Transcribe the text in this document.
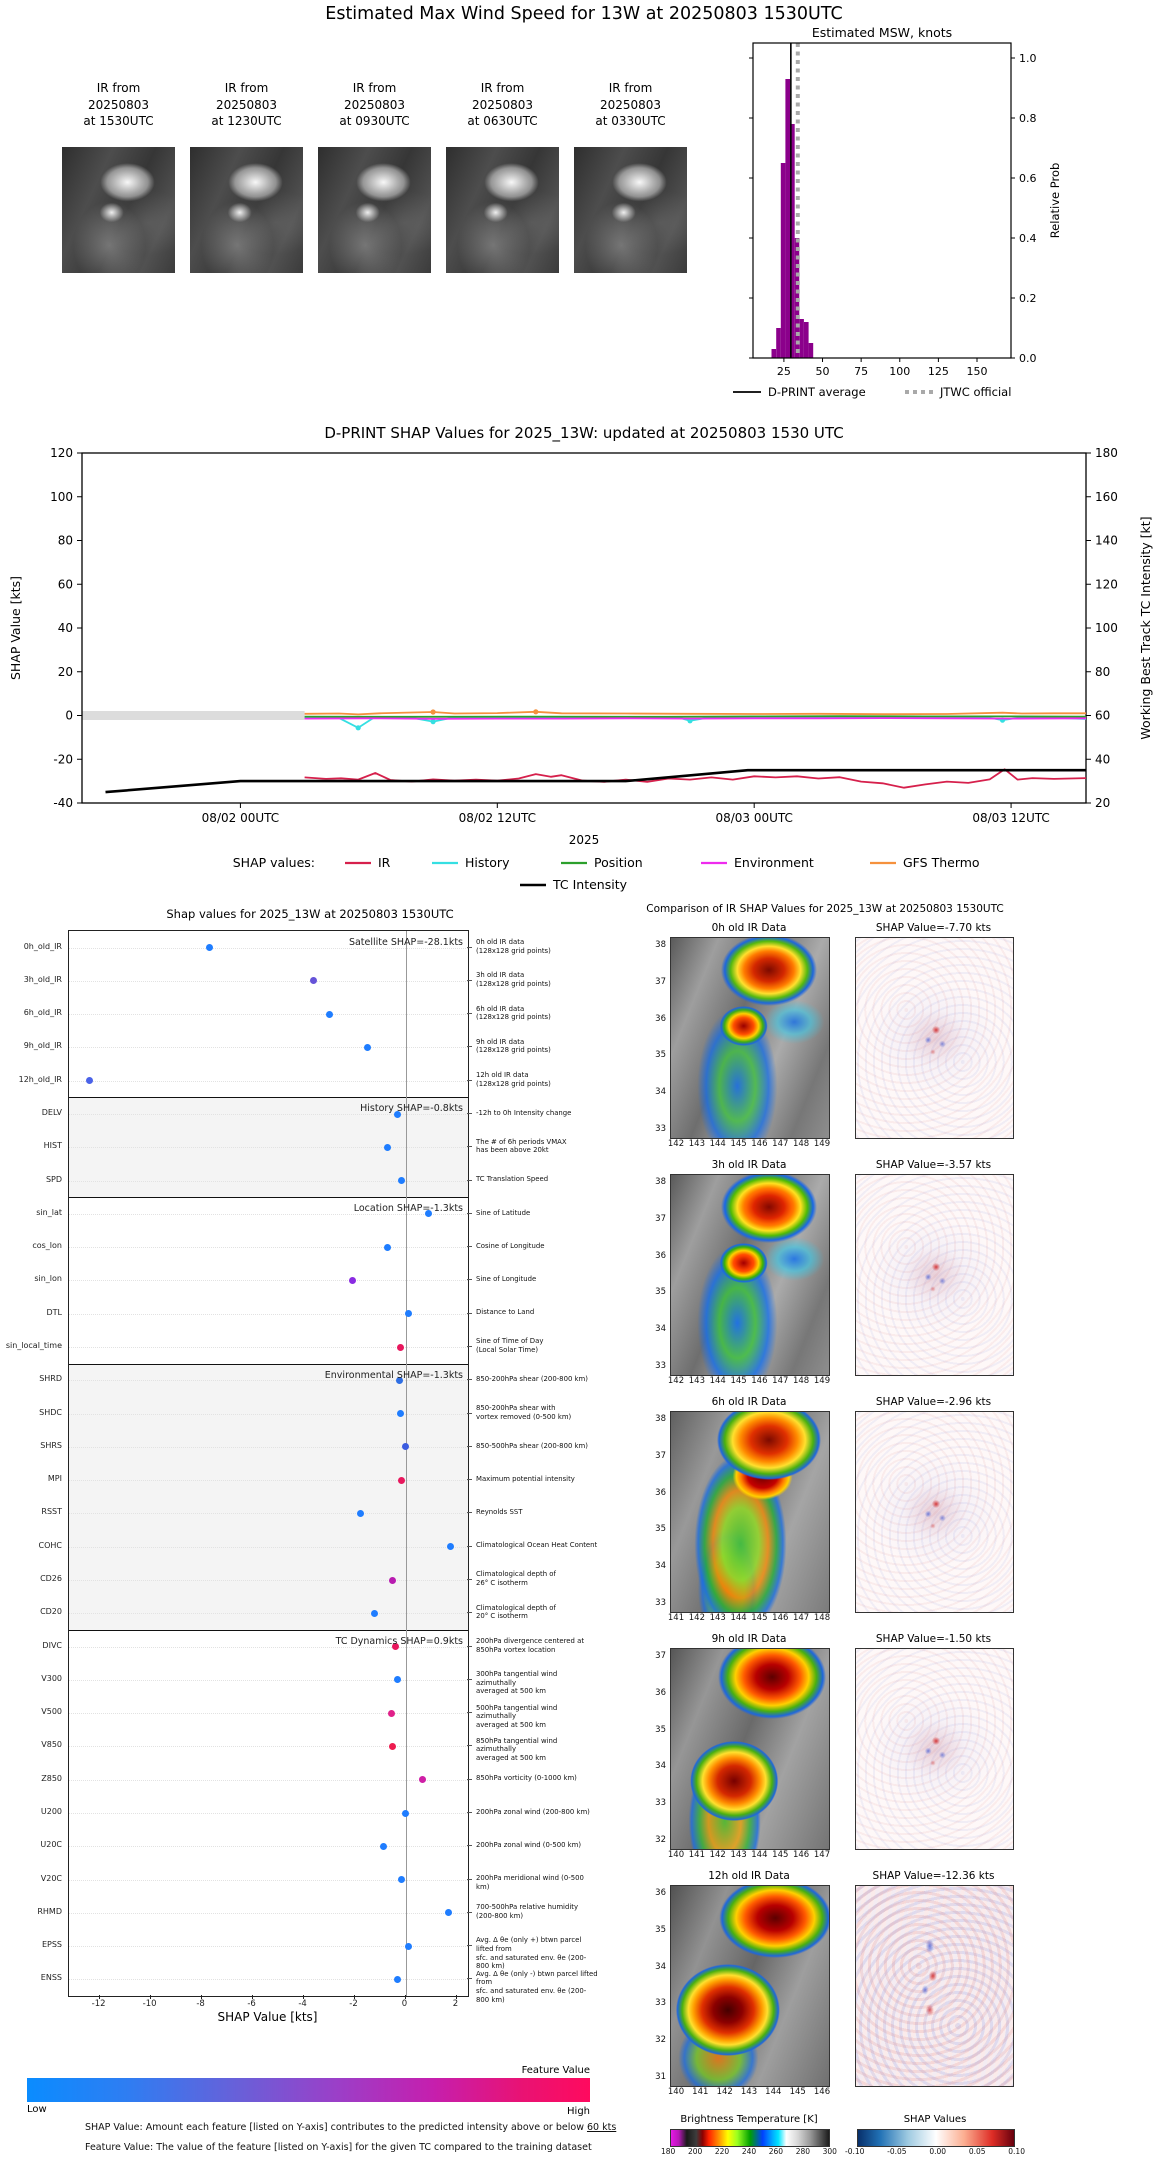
Estimated Max Wind Speed for 13W at 20250803 1530UTC
IR from
20250803
at 1530UTC
IR from
20250803
at 1230UTC
IR from
20250803
at 0930UTC
IR from
20250803
at 0630UTC
IR from
20250803
at 0330UTC
Estimated MSW, knots
0.0
0.2
0.4
0.6
0.8
1.0
25 50 75 100 125 150
Relative Prob
D-PRINT average	JTWC official
D-PRINT SHAP Values for 2025_13W: updated at 20250803 1530 UTC
-40
-20
0
20
40
60
80
100
120
20
40
60
80
100
120
140
160
180
08/02 00UTC	08/02 12UTC	08/03 00UTC	08/03 12UTC
2025
SHAP Value [kts]	Working Best Track TC Intensity [kt]
SHAP values:	IR	History	Position	Environment	GFS Thermo
TC Intensity
Shap values for 2025_13W at 20250803 1530UTC
SHAP Value [kts]
Feature Value
Low	High
SHAP Value: Amount each feature [listed on Y-axis] contributes to the predicted intensity above or below 60 kts
Feature Value: The value of the feature [listed on Y-axis] for the given TC compared to the training dataset
Satellite SHAP=-28.1kts
History SHAP=-0.8kts
Location SHAP=-1.3kts
Environmental SHAP=-1.3kts
TC Dynamics SHAP=0.9kts
0h_old_IR	0h old IR data
(128x128 grid points)
3h_old_IR	3h old IR data
(128x128 grid points)
6h_old_IR	6h old IR data
(128x128 grid points)
9h_old_IR	9h old IR data
(128x128 grid points)
12h_old_IR	12h old IR data
(128x128 grid points)
DELV	-12h to 0h Intensity change
HIST	The # of 6h periods VMAX
has been above 20kt
SPD	TC Translation Speed
sin_lat	Sine of Latitude
cos_lon	Cosine of Longitude
sin_lon	Sine of Longitude
DTL	Distance to Land
sin_local_time	Sine of Time of Day
(Local Solar Time)
SHRD	850-200hPa shear (200-800 km)
SHDC	850-200hPa shear with
vortex removed (0-500 km)
SHRS	850-500hPa shear (200-800 km)
MPI	Maximum potential intensity
RSST	Reynolds SST
COHC	Climatological Ocean Heat Content
CD26	Climatological depth of
26° C isotherm
CD20	Climatological depth of
20° C isotherm
DIVC	200hPa divergence centered at
850hPa vortex location
V300	300hPa tangential wind azimuthally
averaged at 500 km
V500	500hPa tangential wind azimuthally
averaged at 500 km
V850	850hPa tangential wind azimuthally
averaged at 500 km
Z850	850hPa vorticity (0-1000 km)
U200	200hPa zonal wind (200-800 km)
U20C	200hPa zonal wind (0-500 km)
V20C	200hPa meridional wind (0-500 km)
RHMD	700-500hPa relative humidity
(200-800 km)
EPSS	Avg. Δ θe (only +) btwn parcel lifted from
sfc. and saturated env. θe (200-800 km)
ENSS	Avg. Δ θe (only -) btwn parcel lifted from
sfc. and saturated env. θe (200-800 km)
-12	-10	-8	-6	-4	-2	0	2
Comparison of IR SHAP Values for 2025_13W at 20250803 1530UTC
Brightness Temperature [K]
180 200 220 240 260 280 300
SHAP Values
-0.10	-0.05	0.00	0.05	0.10
0h old IR Data
38
37
36
35
34
33
142 143 144 145 146 147 148 149
SHAP Value=-7.70 kts
3h old IR Data
38
37
36
35
34
33
142 143 144 145 146 147 148 149
SHAP Value=-3.57 kts
6h old IR Data
38
37
36
35
34
33
141 142 143 144 145 146 147 148
SHAP Value=-2.96 kts
9h old IR Data
37
36
35
34
33
32
140 141 142 143 144 145 146 147
SHAP Value=-1.50 kts
12h old IR Data
36
35
34
33
32
31
140 141 142 143 144 145 146
SHAP Value=-12.36 kts
